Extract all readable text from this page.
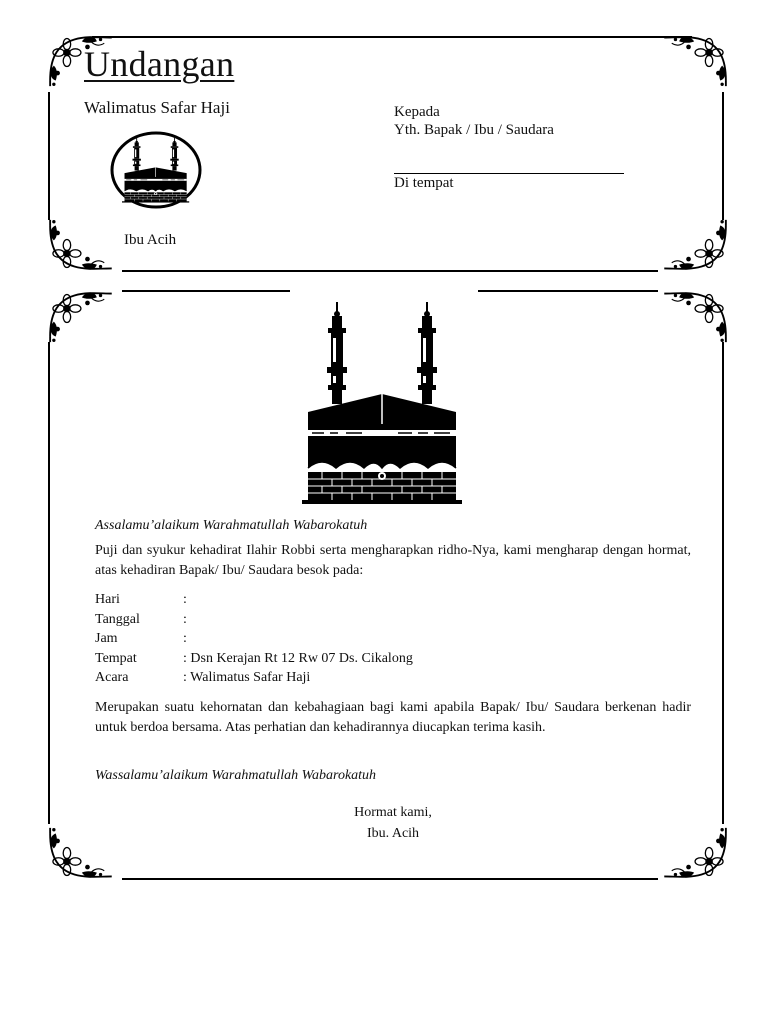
Undangan
Walimatus Safar Haji
Ibu Acih
Kepada
Yth. Bapak / Ibu / Saudara
Di tempat
Assalamu’alaikum Warahmatullah Wabarokatuh
Puji dan syukur kehadirat Ilahir Robbi serta mengharapkan ridho-Nya, kami mengharap dengan hormat, atas kehadiran Bapak/ Ibu/ Saudara besok pada:
Hari	:
Tanggal	:
Jam	:
Tempat	: Dsn Kerajan Rt 12 Rw 07 Ds. Cikalong
Acara	: Walimatus Safar Haji
Merupakan suatu kehornatan dan kebahagiaan bagi kami apabila Bapak/ Ibu/ Saudara berkenan hadir untuk berdoa bersama. Atas perhatian dan kehadirannya diucapkan terima kasih.
Wassalamu’alaikum Warahmatullah Wabarokatuh
Hormat kami,
Ibu. Acih
